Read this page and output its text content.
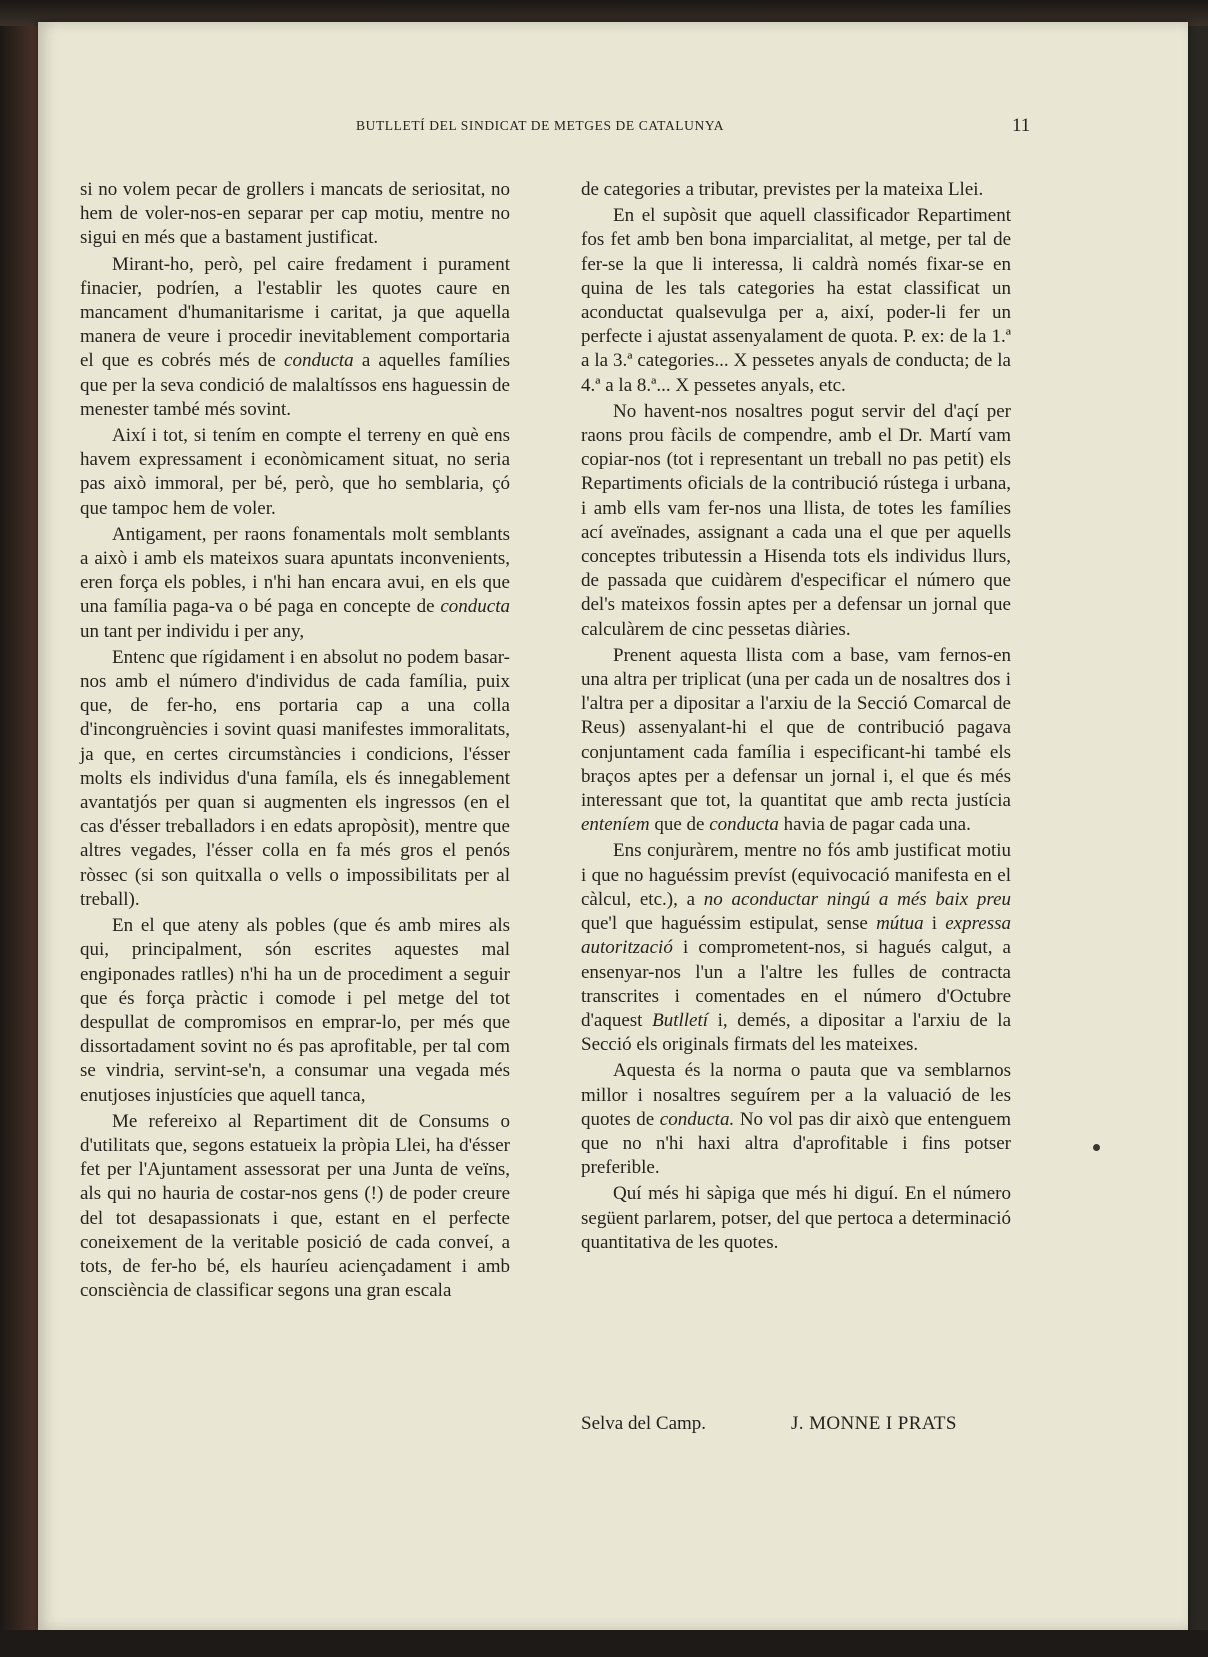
BUTLLETÍ DEL SINDICAT DE METGES DE CATALUNYA	11

si no volem pecar de grollers i mancats de seriositat, no hem de voler-nos-en separar per cap motiu, mentre no sigui en més que a bastament justificat.

Mirant-ho, però, pel caire fredament i purament finacier, podríen, a l'establir les quotes caure en mancament d'humanitarisme i caritat, ja que aquella manera de veure i procedir inevitablement comportaria el que es cobrés més de conducta a aquelles famílies que per la seva condició de malaltíssos ens haguessin de menester també més sovint.

Així i tot, si tením en compte el terreny en què ens havem expressament i econòmicament situat, no seria pas això immoral, per bé, però, que ho semblaria, çó que tampoc hem de voler.

Antigament, per raons fonamentals molt semblants a això i amb els mateixos suara apuntats inconvenients, eren força els pobles, i n'hi han encara avui, en els que una família paga-va o bé paga en concepte de conducta un tant per individu i per any,

Entenc que rígidament i en absolut no podem basar-nos amb el número d'individus de cada família, puix que, de fer-ho, ens portaria cap a una colla d'incongruències i sovint quasi manifestes immoralitats, ja que, en certes circumstàncies i condicions, l'ésser molts els individus d'una famíla, els és innegablement avantatjós per quan si augmenten els ingressos (en el cas d'ésser treballadors i en edats apropòsit), mentre que altres vegades, l'ésser colla en fa més gros el penós ròssec (si son quitxalla o vells o impossibilitats per al treball).

En el que ateny als pobles (que és amb mires als qui, principalment, són escrites aquestes mal engiponades ratlles) n'hi ha un de procediment a seguir que és força pràctic i comode i pel metge del tot despullat de compromisos en emprar-lo, per més que dissortadament sovint no és pas aprofitable, per tal com se vindria, servint-se'n, a consumar una vegada més enutjoses injustícies que aquell tanca,

Me refereixo al Repartiment dit de Consums o d'utilitats que, segons estatueix la pròpia Llei, ha d'ésser fet per l'Ajuntament assessorat per una Junta de veïns, als qui no hauria de costar-nos gens (!) de poder creure del tot desapassionats i que, estant en el perfecte coneixement de la veritable posició de cada conveí, a tots, de fer-ho bé, els hauríeu aciençadament i amb consciència de classificar segons una gran escala

de categories a tributar, previstes per la mateixa Llei.

En el supòsit que aquell classificador Repartiment fos fet amb ben bona imparcialitat, al metge, per tal de fer-se la que li interessa, li caldrà només fixar-se en quina de les tals categories ha estat classificat un aconductat qualsevulga per a, així, poder-li fer un perfecte i ajustat assenyalament de quota. P. ex: de la 1.ª a la 3.ª categories... X pessetes anyals de conducta; de la 4.ª a la 8.ª... X pessetes anyals, etc.

No havent-nos nosaltres pogut servir del d'açí per raons prou fàcils de compendre, amb el Dr. Martí vam copiar-nos (tot i representant un treball no pas petit) els Repartiments oficials de la contribució rústega i urbana, i amb ells vam fer-nos una llista, de totes les famílies ací aveïnades, assignant a cada una el que per aquells conceptes tributessin a Hisenda tots els individus llurs, de passada que cuidàrem d'especificar el número que del's mateixos fossin aptes per a defensar un jornal que calculàrem de cinc pessetas diàries.

Prenent aquesta llista com a base, vam fernos-en una altra per triplicat (una per cada un de nosaltres dos i l'altra per a dipositar a l'arxiu de la Secció Comarcal de Reus) assenyalant-hi el que de contribució pagava conjuntament cada família i especificant-hi també els braços aptes per a defensar un jornal i, el que és més interessant que tot, la quantitat que amb recta justícia enteníem que de conducta havia de pagar cada una.

Ens conjuràrem, mentre no fós amb justificat motiu i que no haguéssim prevíst (equivocació manifesta en el càlcul, etc.), a no aconductar ningú a més baix preu que'l que haguéssim estipulat, sense mútua i expressa autorització i comprometent-nos, si hagués calgut, a ensenyar-nos l'un a l'altre les fulles de contracta transcrites i comentades en el número d'Octubre d'aquest Butlletí i, demés, a dipositar a l'arxiu de la Secció els originals firmats del les mateixes.

Aquesta és la norma o pauta que va semblarnos millor i nosaltres seguírem per a la valuació de les quotes de conducta. No vol pas dir això que entenguem que no n'hi haxi altra d'aprofitable i fins potser preferible.

Quí més hi sàpiga que més hi diguí. En el número següent parlarem, potser, del que pertoca a determinació quantitativa de les quotes.

Selva del Camp.	J. MONNE I PRATS
